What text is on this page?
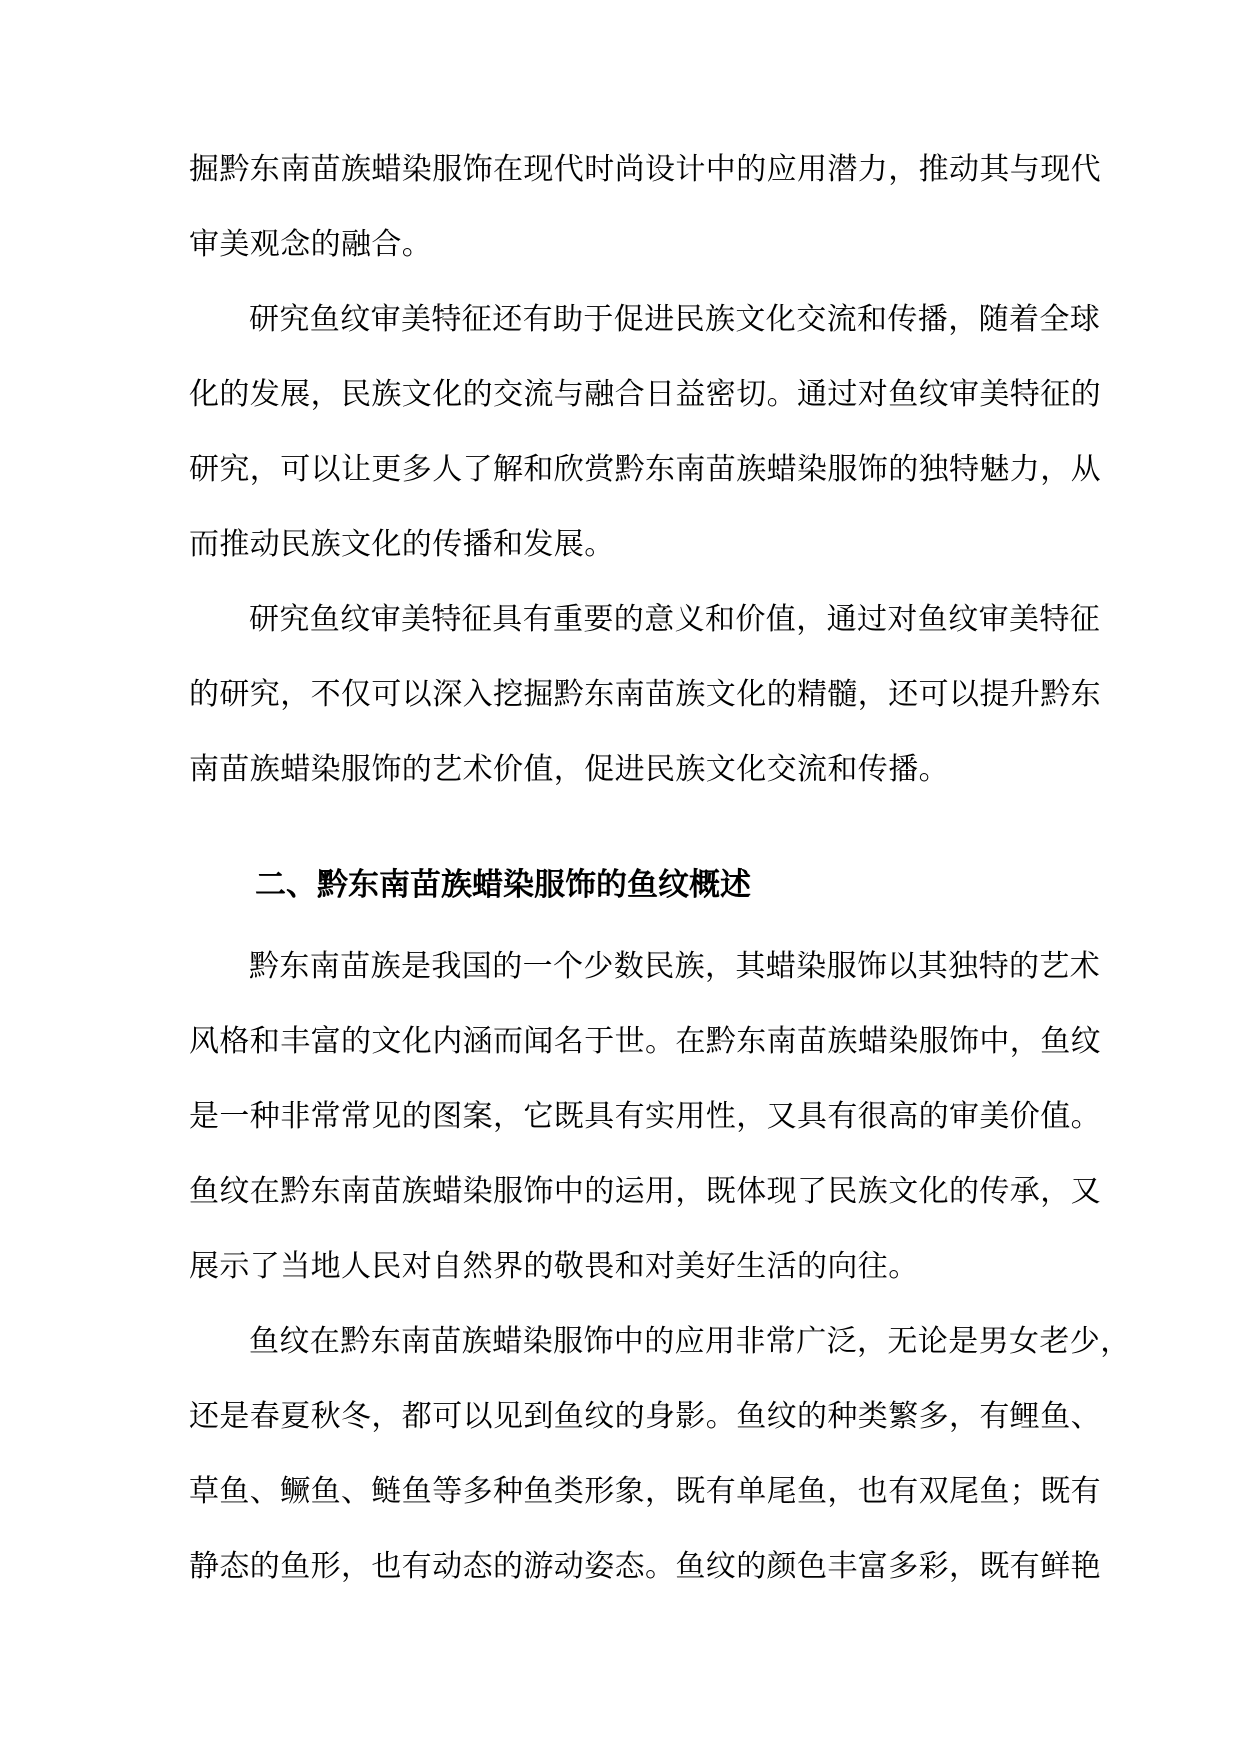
掘黔东南苗族蜡染服饰在现代时尚设计中的应用潜力，推动其与现代
审美观念的融合。
研究鱼纹审美特征还有助于促进民族文化交流和传播，随着全球
化的发展，民族文化的交流与融合日益密切。通过对鱼纹审美特征的
研究，可以让更多人了解和欣赏黔东南苗族蜡染服饰的独特魅力，从
而推动民族文化的传播和发展。
研究鱼纹审美特征具有重要的意义和价值，通过对鱼纹审美特征
的研究，不仅可以深入挖掘黔东南苗族文化的精髓，还可以提升黔东
南苗族蜡染服饰的艺术价值，促进民族文化交流和传播。
二、黔东南苗族蜡染服饰的鱼纹概述
黔东南苗族是我国的一个少数民族，其蜡染服饰以其独特的艺术
风格和丰富的文化内涵而闻名于世。在黔东南苗族蜡染服饰中，鱼纹
是一种非常常见的图案，它既具有实用性，又具有很高的审美价值。
鱼纹在黔东南苗族蜡染服饰中的运用，既体现了民族文化的传承，又
展示了当地人民对自然界的敬畏和对美好生活的向往。
鱼纹在黔东南苗族蜡染服饰中的应用非常广泛，无论是男女老少，
还是春夏秋冬，都可以见到鱼纹的身影。鱼纹的种类繁多，有鲤鱼、
草鱼、鳜鱼、鲢鱼等多种鱼类形象，既有单尾鱼，也有双尾鱼；既有
静态的鱼形，也有动态的游动姿态。鱼纹的颜色丰富多彩，既有鲜艳
